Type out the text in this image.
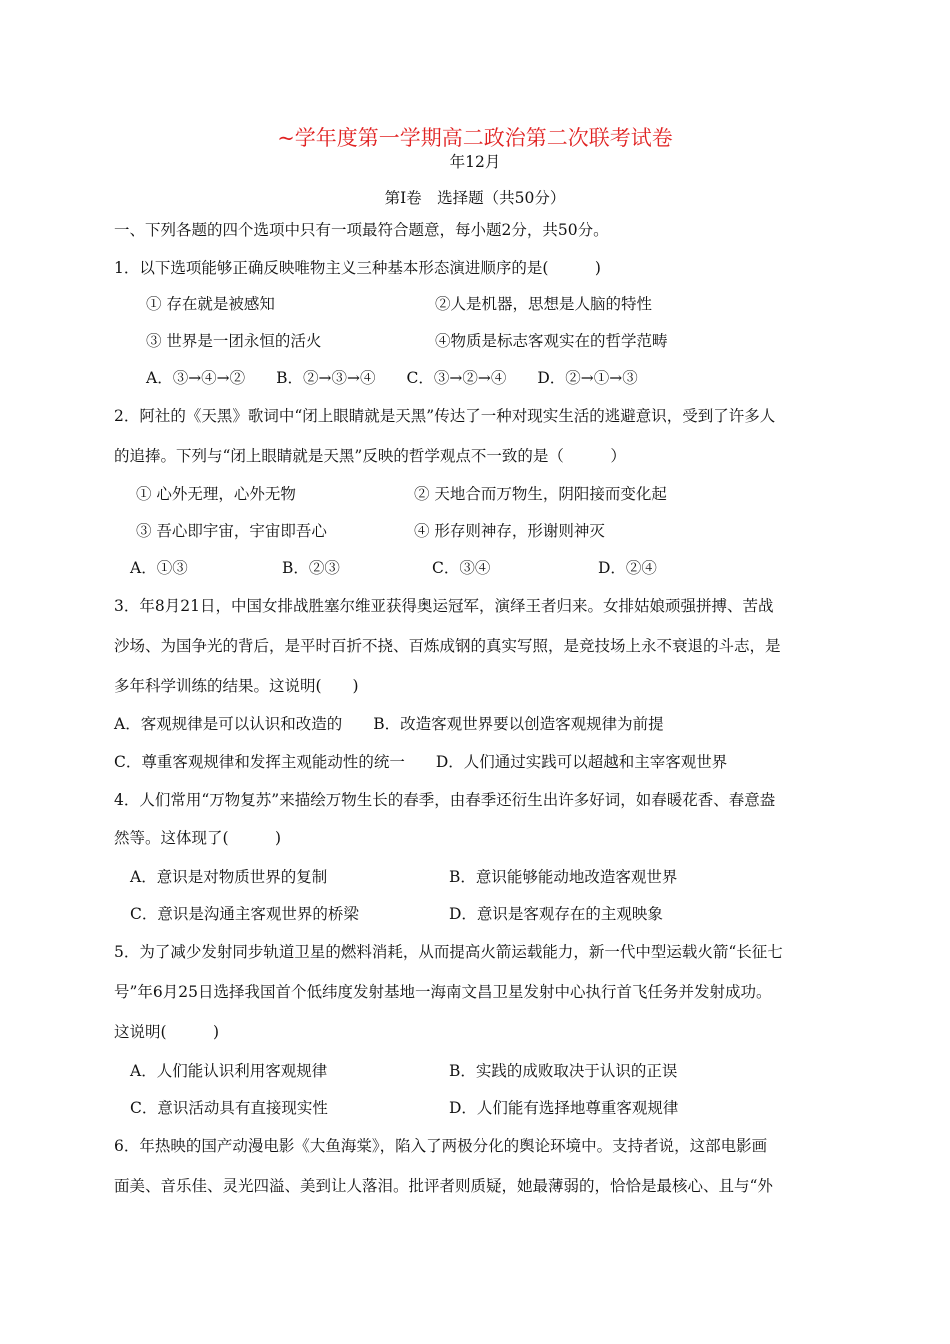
~学年度第一学期高二政治第二次联考试卷
年12月
第Ⅰ卷　选择题（共50分）
一、下列各题的四个选项中只有一项最符合题意，每小题2分，共50分。
1．以下选项能够正确反映唯物主义三种基本形态演进顺序的是(　　　)
① 存在就是被感知	②人是机器，思想是人脑的特性
③ 世界是一团永恒的活火	④物质是标志客观实在的哲学范畴
A．③→④→②　　B．②→③→④　　C．③→②→④　　D．②→①→③
2．阿社的《天黑》歌词中“闭上眼睛就是天黑”传达了一种对现实生活的逃避意识，受到了许多人
的追捧。下列与“闭上眼睛就是天黑”反映的哲学观点不一致的是（　　　）
① 心外无理，心外无物	② 天地合而万物生，阴阳接而变化起
③ 吾心即宇宙，宇宙即吾心	④ 形存则神存，形谢则神灭
A．①③	B．②③	C．③④	D．②④
3．年8月21日，中国女排战胜塞尔维亚获得奥运冠军，演绎王者归来。女排姑娘顽强拼搏、苦战
沙场、为国争光的背后，是平时百折不挠、百炼成钢的真实写照，是竞技场上永不衰退的斗志，是
多年科学训练的结果。这说明(　　)
A．客观规律是可以认识和改造的　　B．改造客观世界要以创造客观规律为前提
C．尊重客观规律和发挥主观能动性的统一　　D．人们通过实践可以超越和主宰客观世界
4．人们常用“万物复苏”来描绘万物生长的春季，由春季还衍生出许多好词，如春暖花香、春意盎
然等。这体现了(　　　)
A．意识是对物质世界的复制	B．意识能够能动地改造客观世界
C．意识是沟通主客观世界的桥梁	D．意识是客观存在的主观映象
5．为了减少发射同步轨道卫星的燃料消耗，从而提高火箭运载能力，新一代中型运载火箭“长征七
号”年6月25日选择我国首个低纬度发射基地一海南文昌卫星发射中心执行首飞任务并发射成功。
这说明(　　　)
A．人们能认识利用客观规律	B．实践的成败取决于认识的正误
C．意识活动具有直接现实性	D．人们能有选择地尊重客观规律
6．年热映的国产动漫电影《大鱼海棠》，陷入了两极分化的舆论环境中。支持者说，这部电影画
面美、音乐佳、灵光四溢、美到让人落泪。批评者则质疑，她最薄弱的，恰恰是最核心、且与“外
